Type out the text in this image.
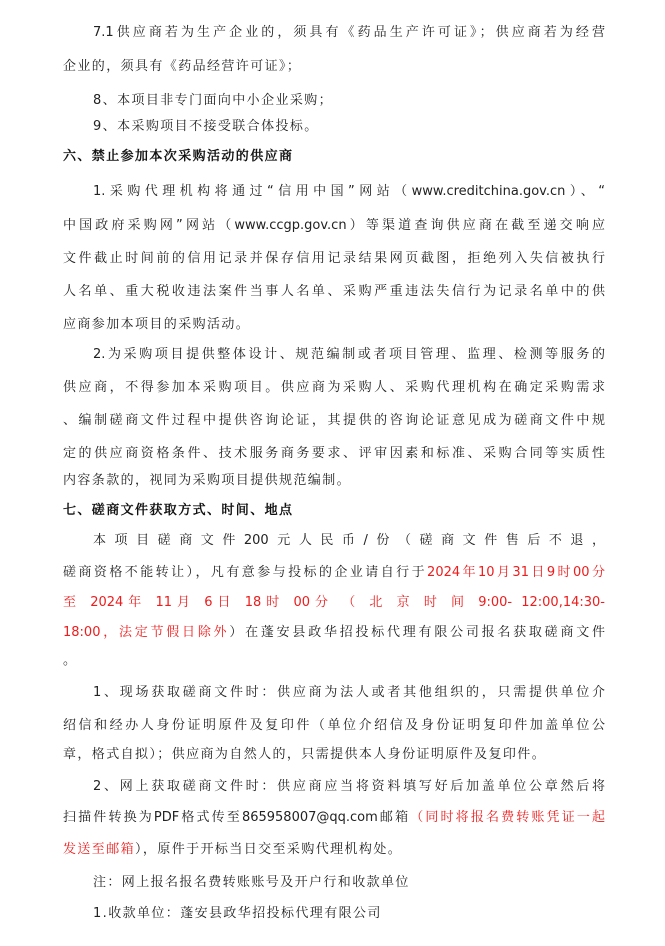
7.1供应商若为生产企业的，须具有《药品生产许可证》；供应商若为经营
企业的，须具有《药品经营许可证》；
8、本项目非专门面向中小企业采购；
9、本采购项目不接受联合体投标。
六、禁止参加本次采购活动的供应商
1.采购代理机构将通过“信用中国”网站（www.creditchina.gov.cn）、“
中国政府采购网”网站（www.ccgp.gov.cn）等渠道查询供应商在截至递交响应
文件截止时间前的信用记录并保存信用记录结果网页截图，拒绝列入失信被执行
人名单、重大税收违法案件当事人名单、采购严重违法失信行为记录名单中的供
应商参加本项目的采购活动。
2.为采购项目提供整体设计、规范编制或者项目管理、监理、检测等服务的
供应商，不得参加本采购项目。供应商为采购人、采购代理机构在确定采购需求
、编制磋商文件过程中提供咨询论证，其提供的咨询论证意见成为磋商文件中规
定的供应商资格条件、技术服务商务要求、评审因素和标准、采购合同等实质性
内容条款的，视同为采购项目提供规范编制。
七、磋商文件获取方式、时间、地点
本项目磋商文件200元人民币/份（磋商文件售后不退，
磋商资格不能转让），凡有意参与投标的企业请自行于2024年10月31日9时00分
至 2024年 11月 6日 18时 00分 （ 北 京 时 间 9:00- 12:00,14:30-
18:00，法定节假日除外）在蓬安县政华招投标代理有限公司报名获取磋商文件
。
1、现场获取磋商文件时：供应商为法人或者其他组织的，只需提供单位介
绍信和经办人身份证明原件及复印件（单位介绍信及身份证明复印件加盖单位公
章，格式自拟）；供应商为自然人的，只需提供本人身份证明原件及复印件。
2、网上获取磋商文件时：供应商应当将资料填写好后加盖单位公章然后将
扫描件转换为PDF格式传至865958007@qq.com邮箱（同时将报名费转账凭证一起
发送至邮箱），原件于开标当日交至采购代理机构处。
注：网上报名报名费转账账号及开户行和收款单位
1.收款单位：蓬安县政华招投标代理有限公司
